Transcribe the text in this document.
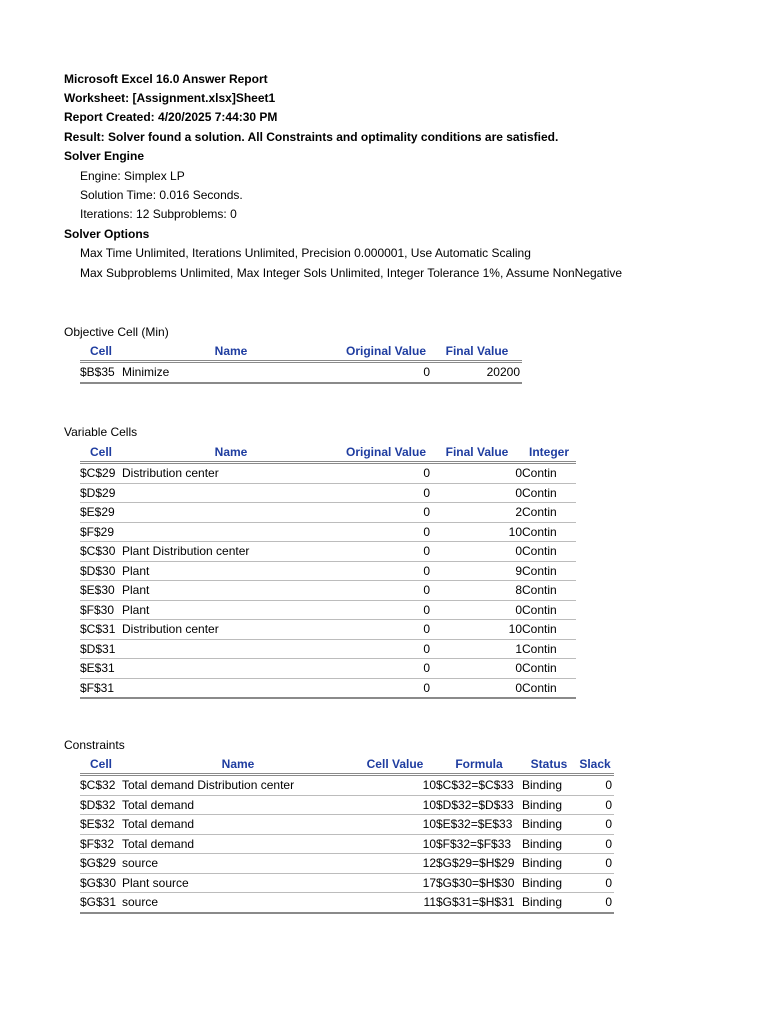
Microsoft Excel 16.0 Answer Report
Worksheet: [Assignment.xlsx]Sheet1
Report Created: 4/20/2025 7:44:30 PM
Result: Solver found a solution. All Constraints and optimality conditions are satisfied.
Solver Engine
Engine: Simplex LP
Solution Time: 0.016 Seconds.
Iterations: 12 Subproblems: 0
Solver Options
Max Time Unlimited, Iterations Unlimited, Precision 0.000001, Use Automatic Scaling
Max Subproblems Unlimited, Max Integer Sols Unlimited, Integer Tolerance 1%, Assume NonNegative
Objective Cell (Min)
Cell	Name	Original Value	Final Value
$B$35	Minimize	0	20200
Variable Cells
Cell	Name	Original Value	Final Value	Integer
$C$29	Distribution center	0	0	Contin
$D$29		0	0	Contin
$E$29		0	2	Contin
$F$29		0	10	Contin
$C$30	Plant Distribution center	0	0	Contin
$D$30	Plant	0	9	Contin
$E$30	Plant	0	8	Contin
$F$30	Plant	0	0	Contin
$C$31	Distribution center	0	10	Contin
$D$31		0	1	Contin
$E$31		0	0	Contin
$F$31		0	0	Contin
Constraints
Cell	Name	Cell Value	Formula	Status	Slack
$C$32	Total demand Distribution center	10	$C$32=$C$33	Binding	0
$D$32	Total demand	10	$D$32=$D$33	Binding	0
$E$32	Total demand	10	$E$32=$E$33	Binding	0
$F$32	Total demand	10	$F$32=$F$33	Binding	0
$G$29	source	12	$G$29=$H$29	Binding	0
$G$30	Plant source	17	$G$30=$H$30	Binding	0
$G$31	source	11	$G$31=$H$31	Binding	0
